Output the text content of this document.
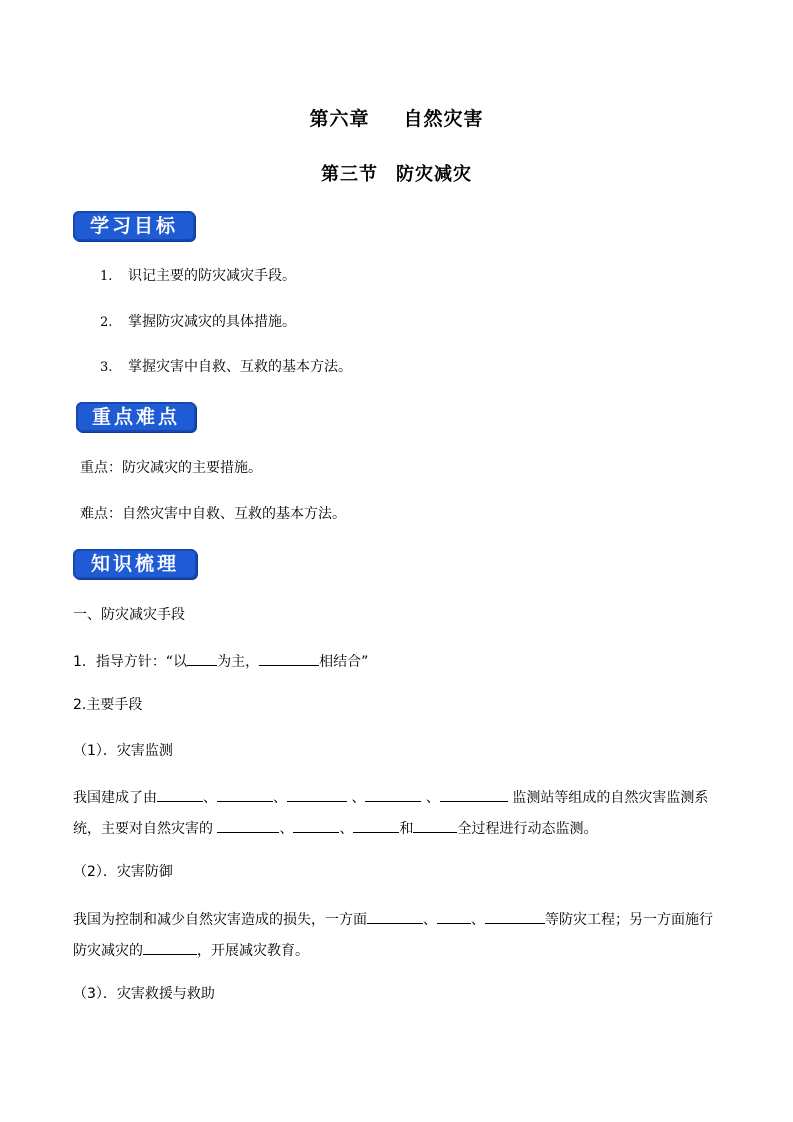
第六章 自然灾害
第三节 防灾减灾
学习目标
1. 识记主要的防灾减灾手段。
2. 掌握防灾减灾的具体措施。
3. 掌握灾害中自救、互救的基本方法。
重点难点
重点：防灾减灾的主要措施。
难点：自然灾害中自救、互救的基本方法。
知识梳理
一、防灾减灾手段
1．指导方针：“以 为主，	相结合”
2.主要手段
（1）．灾害监测
我国建成了由	、	、	、	、	监测站等组成的自然灾害监测系
统，主要对自然灾害的	、	、	和	全过程进行动态监测。
（2）．灾害防御
我国为控制和减少自然灾害造成的损失，一方面	、 、	等防灾工程；另一方面施行
防灾减灾的	，开展减灾教育。
（3）．灾害救援与救助
